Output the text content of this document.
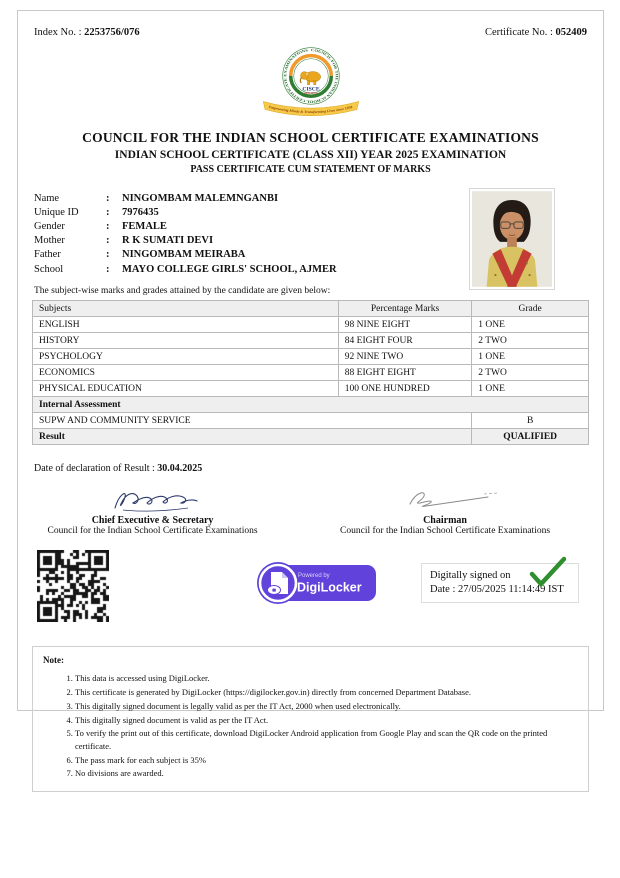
Index No. : 2253756/076	Certificate No. : 052409
COUNCIL FOR THE INDIAN SCHOOL CERTIFICATE EXAMINATIONS
CISCE
NEW DELHI
Empowering Minds & Transforming Lives since 1958
COUNCIL FOR THE INDIAN SCHOOL CERTIFICATE EXAMINATIONS
INDIAN SCHOOL CERTIFICATE (CLASS XII) YEAR 2025 EXAMINATION
PASS CERTIFICATE CUM STATEMENT OF MARKS
Name	:	NINGOMBAM MALEMNGANBI
Unique ID	:	7976435
Gender	:	FEMALE
Mother	:	R K SUMATI DEVI
Father	:	NINGOMBAM MEIRABA
School	:	MAYO COLLEGE GIRLS' SCHOOL, AJMER
The subject-wise marks and grades attained by the candidate are given below:
Subjects	Percentage Marks	Grade
ENGLISH	98 NINE EIGHT	1 ONE
HISTORY	84 EIGHT FOUR	2 TWO
PSYCHOLOGY	92 NINE TWO	1 ONE
ECONOMICS	88 EIGHT EIGHT	2 TWO
PHYSICAL EDUCATION	100 ONE HUNDRED	1 ONE
Internal Assessment		
SUPW AND COMMUNITY SERVICE		B
Result		QUALIFIED
Date of declaration of Result : 30.04.2025
Chief Executive & Secretary
Council for the Indian School Certificate Examinations
Chairman
Council for the Indian School Certificate Examinations
Powered by
DigiLocker
Digitally signed on
Date : 27/05/2025 11:14:49 IST
Note:
1. This data is accessed using DigiLocker.
2. This certificate is generated by DigiLocker (https://digilocker.gov.in) directly from concerned Department Database.
3. This digitally signed document is legally valid as per the IT Act, 2000 when used electronically.
4. This digitally signed document is valid as per the IT Act.
5. To verify the print out of this certificate, download DigiLocker Android application from Google Play and scan the QR code on the printed certificate.
6. The pass mark for each subject is 35%
7. No divisions are awarded.
